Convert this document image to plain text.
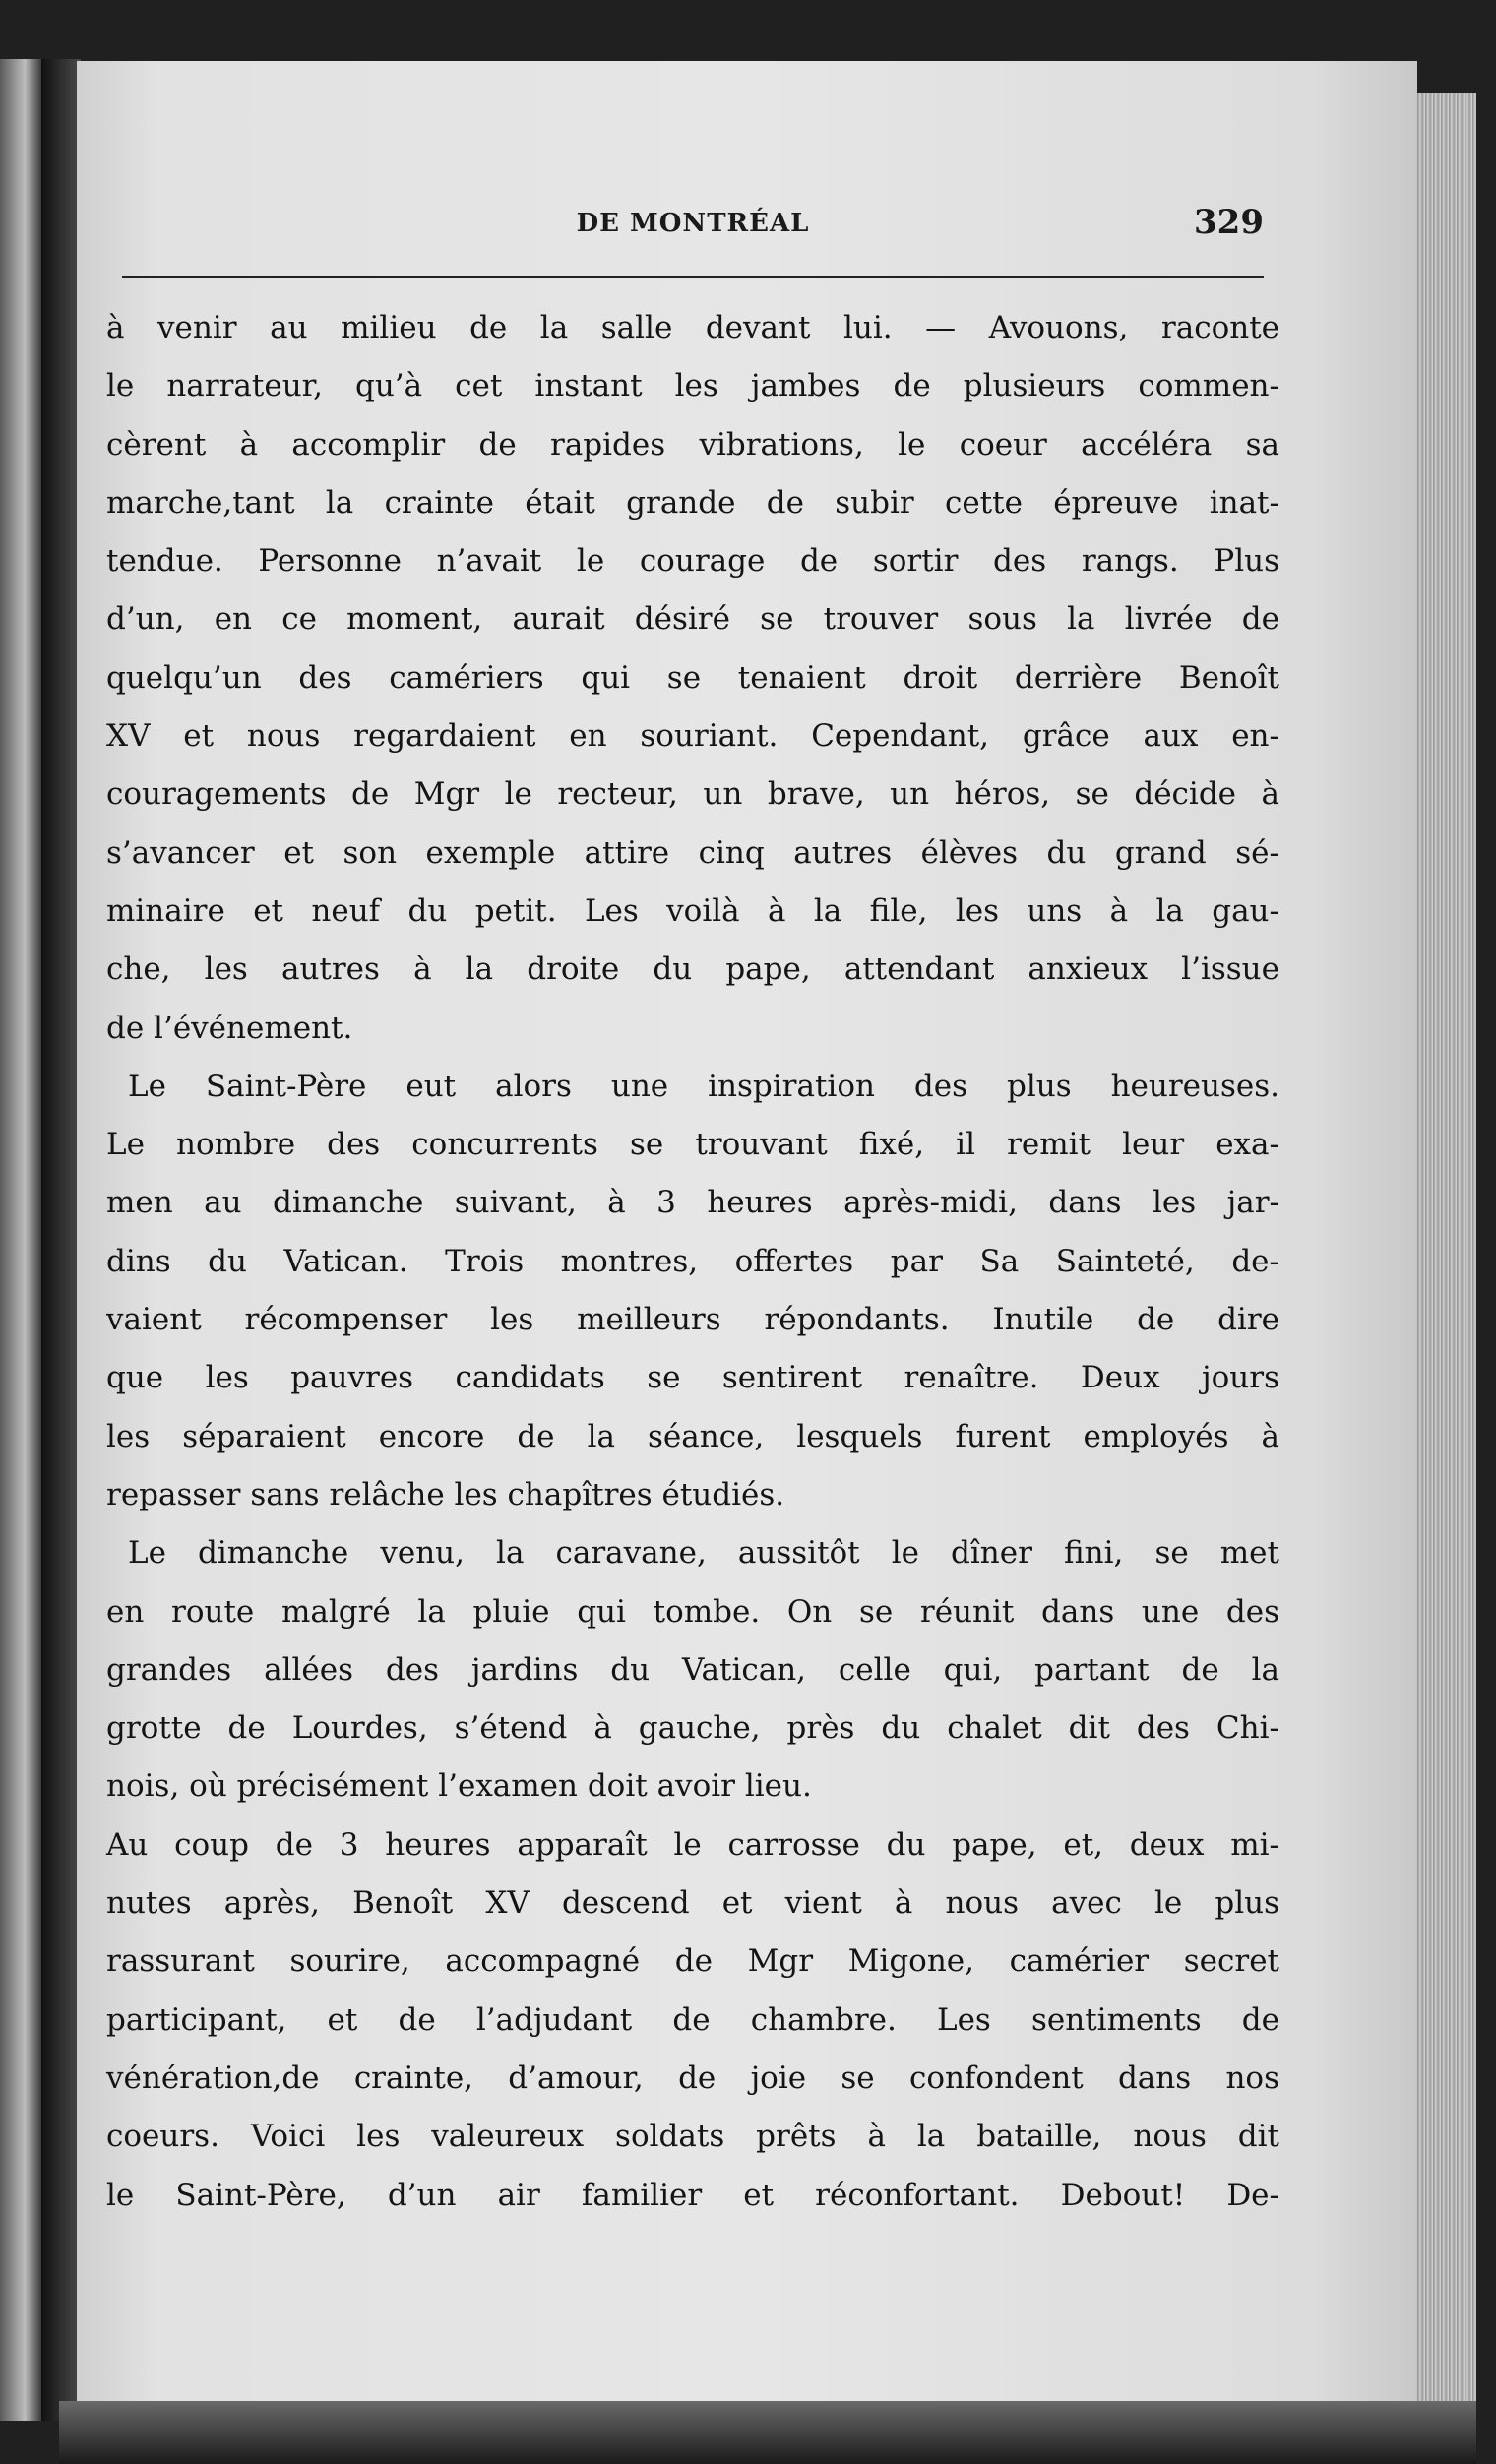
DE MONTRÉAL	329
à venir au milieu de la salle devant lui. — Avouons, raconte
le narrateur, qu’à cet instant les jambes de plusieurs commen-
cèrent à accomplir de rapides vibrations, le coeur accéléra sa
marche,tant la crainte était grande de subir cette épreuve inat-
tendue. Personne n’avait le courage de sortir des rangs. Plus
d’un, en ce moment, aurait désiré se trouver sous la livrée de
quelqu’un des camériers qui se tenaient droit derrière Benoît
XV et nous regardaient en souriant. Cependant, grâce aux en-
couragements de Mgr le recteur, un brave, un héros, se décide à
s’avancer et son exemple attire cinq autres élèves du grand sé-
minaire et neuf du petit. Les voilà à la file, les uns à la gau-
che, les autres à la droite du pape, attendant anxieux l’issue
de l’événement.
Le Saint-Père eut alors une inspiration des plus heureuses.
Le nombre des concurrents se trouvant fixé, il remit leur exa-
men au dimanche suivant, à 3 heures après-midi, dans les jar-
dins du Vatican. Trois montres, offertes par Sa Sainteté, de-
vaient récompenser les meilleurs répondants. Inutile de dire
que les pauvres candidats se sentirent renaître. Deux jours
les séparaient encore de la séance, lesquels furent employés à
repasser sans relâche les chapîtres étudiés.
Le dimanche venu, la caravane, aussitôt le dîner fini, se met
en route malgré la pluie qui tombe. On se réunit dans une des
grandes allées des jardins du Vatican, celle qui, partant de la
grotte de Lourdes, s’étend à gauche, près du chalet dit des Chi-
nois, où précisément l’examen doit avoir lieu.
Au coup de 3 heures apparaît le carrosse du pape, et, deux mi-
nutes après, Benoît XV descend et vient à nous avec le plus
rassurant sourire, accompagné de Mgr Migone, camérier secret
participant, et de l’adjudant de chambre. Les sentiments de
vénération,de crainte, d’amour, de joie se confondent dans nos
coeurs. Voici les valeureux soldats prêts à la bataille, nous dit
le Saint-Père, d’un air familier et réconfortant. Debout! De-
